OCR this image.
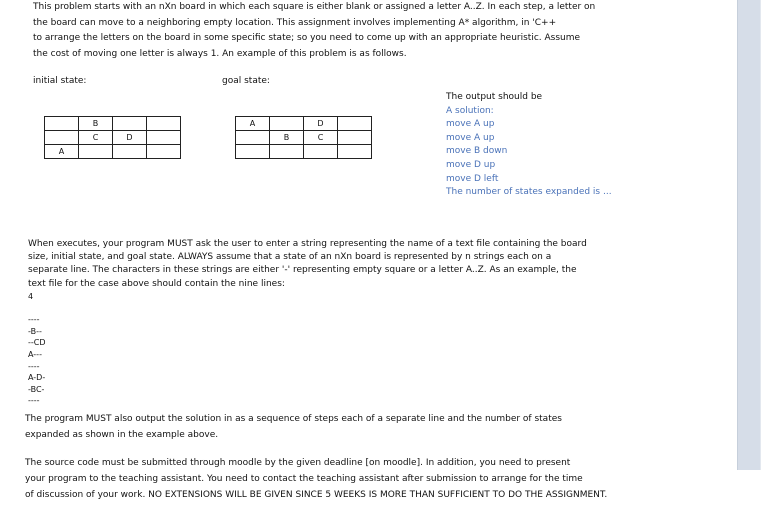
This problem starts with an nXn board in which each square is either blank or assigned a letter A..Z. In each step, a letter on
the board can move to a neighboring empty location. This assignment involves implementing A* algorithm, in 'C++
to arrange the letters on the board in some specific state; so you need to come up with an appropriate heuristic. Assume
the cost of moving one letter is always 1. An example of this problem is as follows.
initial state:	goal state:
	B		
	C	D	
A			
A		D	
	B	C	

The output should be
A solution:
move A up
move A up
move B down
move D up
move D left
The number of states expanded is ...
When executes, your program MUST ask the user to enter a string representing the name of a text file containing the board
size, initial state, and goal state. ALWAYS assume that a state of an nXn board is represented by n strings each on a
separate line. The characters in these strings are either '-' representing empty square or a letter A..Z. As an example, the
text file for the case above should contain the nine lines:
4

----
-B--
--CD
A---
----
A-D-
-BC-
----
The program MUST also output the solution in as a sequence of steps each of a separate line and the number of states
expanded as shown in the example above.
The source code must be submitted through moodle by the given deadline [on moodle]. In addition, you need to present
your program to the teaching assistant. You need to contact the teaching assistant after submission to arrange for the time
of discussion of your work. NO EXTENSIONS WILL BE GIVEN SINCE 5 WEEKS IS MORE THAN SUFFICIENT TO DO THE ASSIGNMENT.
